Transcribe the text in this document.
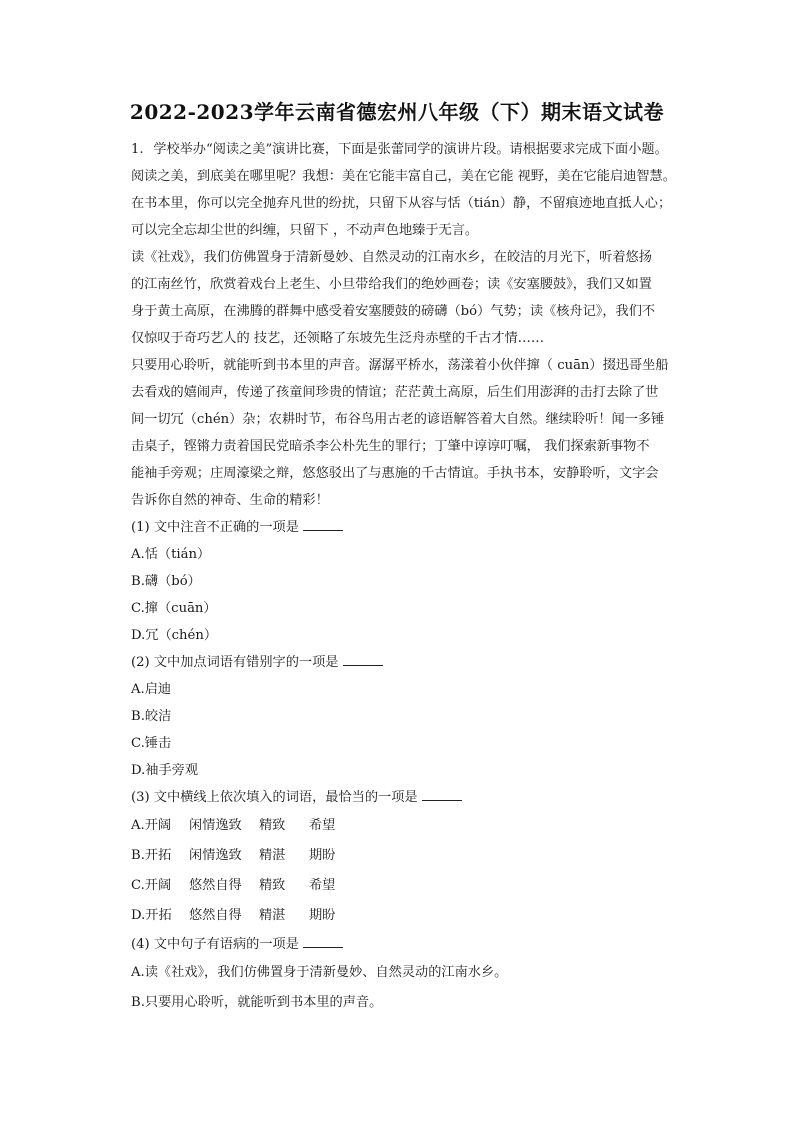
2022-2023学年云南省德宏州八年级（下）期末语文试卷
1. 学校举办“阅读之美”演讲比赛，下面是张蕾同学的演讲片段。请根据要求完成下面小题。
阅读之美，到底美在哪里呢？我想：美在它能丰富自己，美在它能 视野，美在它能启迪智慧。
在书本里，你可以完全抛弃凡世的纷扰，只留下从容与恬（tián）静，不留痕迹地直抵人心；
可以完全忘却尘世的纠缠，只留下 ，不动声色地臻于无言。
读《社戏》，我们仿佛置身于清新曼妙、自然灵动的江南水乡，在皎洁的月光下，听着悠扬
的江南丝竹，欣赏着戏台上老生、小旦带给我们的绝妙画卷；读《安塞腰鼓》，我们又如置
身于黄土高原，在沸腾的群舞中感受着安塞腰鼓的磅礴（bó）气势；读《核舟记》，我们不
仅惊叹于奇巧艺人的 技艺，还领略了东坡先生泛舟赤壁的千古才情……
只要用心聆听，就能听到书本里的声音。潺潺平桥水，荡漾着小伙伴撺（ cuān）掇迅哥坐船
去看戏的嬉闹声，传递了孩童间珍贵的情谊；茫茫黄土高原，后生们用澎湃的击打去除了世
间一切冗（chén）杂；农耕时节，布谷鸟用古老的谚语解答着大自然。继续聆听！闻一多锤
击桌子，铿锵力责着国民党暗杀李公朴先生的罪行；丁肇中谆谆叮嘱， 我们探索新事物不
能袖手旁观；庄周濠梁之辩，悠悠驳出了与惠施的千古情谊。手执书本，安静聆听，文字会
告诉你自然的神奇、生命的精彩！
(1) 文中注音不正确的一项是
A.恬（tián）
B.礴（bó）
C.撺（cuān）
D.冗（chén）
(2) 文中加点词语有错别字的一项是
A.启迪
B.皎洁
C.锤击
D.袖手旁观
(3) 文中横线上依次填入的词语，最恰当的一项是
A.开阔 闲情逸致 精致 希望
B.开拓 闲情逸致 精湛 期盼
C.开阔 悠然自得 精致 希望
D.开拓 悠然自得 精湛 期盼
(4) 文中句子有语病的一项是
A.读《社戏》，我们仿佛置身于清新曼妙、自然灵动的江南水乡。
B.只要用心聆听，就能听到书本里的声音。
